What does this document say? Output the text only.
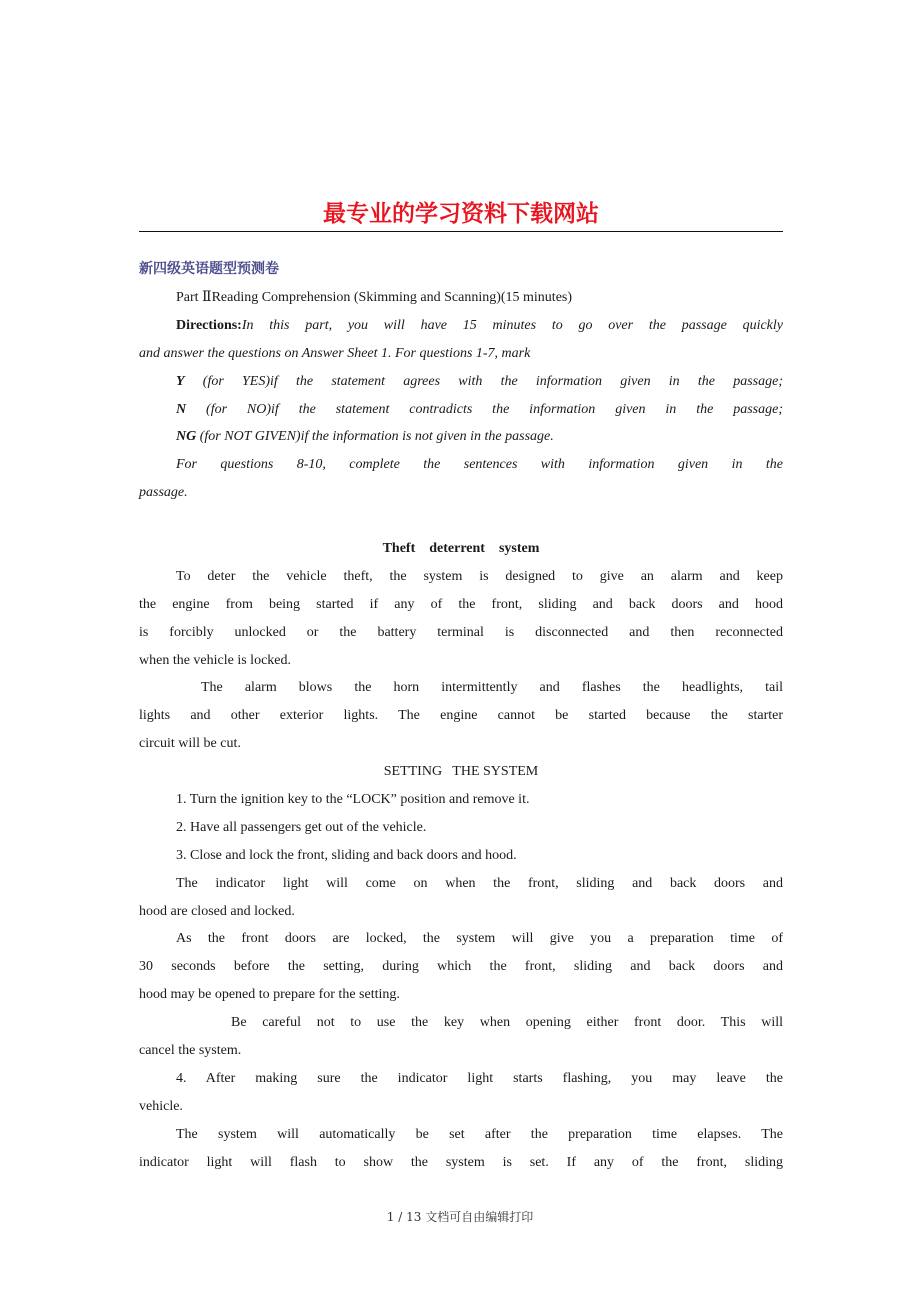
最专业的学习资料下载网站
新四级英语题型预测卷
Part ⅡReading Comprehension (Skimming and Scanning)(15 minutes)
Directions:In this part, you will have 15 minutes to go over the passage quickly
and answer the questions on Answer Sheet 1. For questions 1-7, mark
Y (for YES)if the statement agrees with the information given in the passage;
N (for NO)if the statement contradicts the information given in the passage;
NG (for NOT GIVEN)if the information is not given in the passage.
For questions 8-10, complete the sentences with information given in the
passage.
Theft    deterrent    system
To deter the vehicle theft, the system is designed to give an alarm and keep
the engine from being started if any of the front, sliding and back doors and hood
is forcibly unlocked or the battery terminal is disconnected and then reconnected
when the vehicle is locked.
The alarm blows the horn intermittently and flashes the headlights, tail
lights and other exterior lights. The engine cannot be started because the starter
circuit will be cut.
SETTING   THE SYSTEM
1. Turn the ignition key to the “LOCK” position and remove it.
2. Have all passengers get out of the vehicle.
3. Close and lock the front, sliding and back doors and hood.
The indicator light will come on when the front, sliding and back doors and
hood are closed and locked.
As the front doors are locked, the system will give you a preparation time of
30 seconds before the setting, during which the front, sliding and back doors and
hood may be opened to prepare for the setting.
Be careful not to use the key when opening either front door. This will
cancel the system.
4. After making sure the indicator light starts flashing, you may leave the
vehicle.
The system will automatically be set after the preparation time elapses. The
indicator light will flash to show the system is set. If any of the front, sliding
1 / 13 文档可自由编辑打印
